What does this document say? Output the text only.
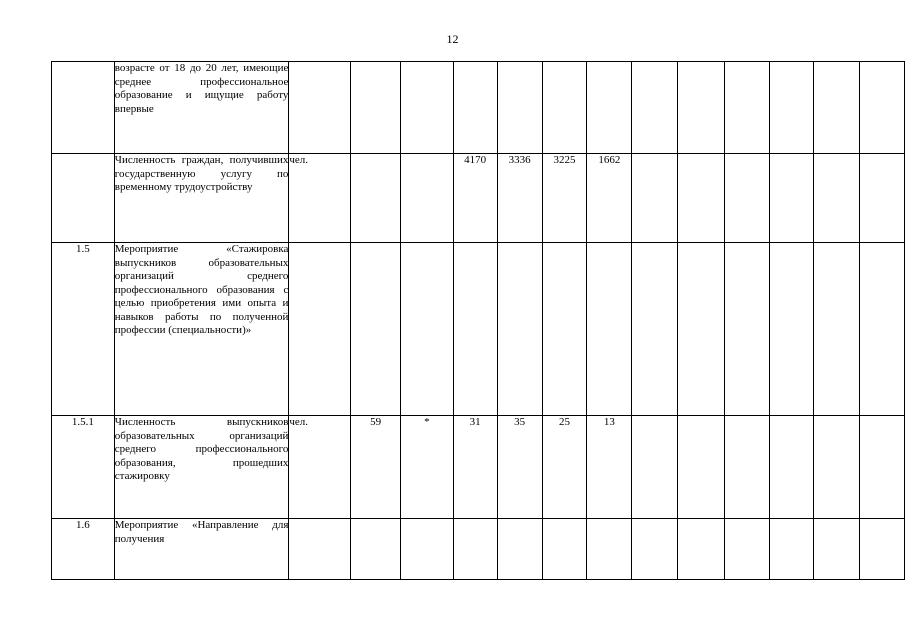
12

	возрасте от 18 до 20 лет, имеющие среднее профессиональное образование и ищущие работу впервые													

	Численность граждан, получивших государственную услугу по временному трудоустройству	чел.			4170	3336	3225	1662						
1.5	Мероприятие «Стажировка выпускников образовательных организаций среднего профессионального образования с целью приобретения ими опыта и навыков работы по полученной профессии (специальности)»													

1.5.1	Численность выпускников образовательных организаций среднего профессионального образования, прошедших стажировку	чел.	59	*	31	35	25	13						
1.6	Мероприятие «Направление для получения													
